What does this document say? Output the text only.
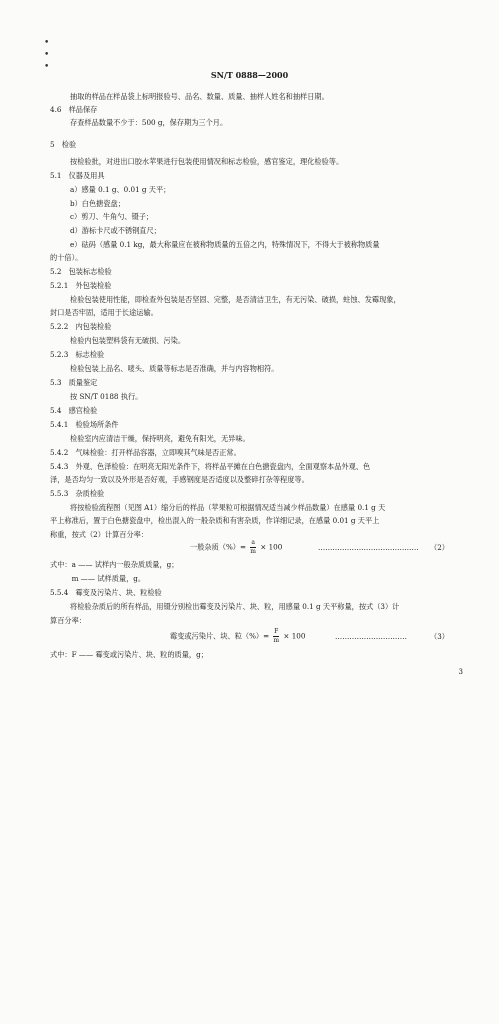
SN/T 0888—2000
•
•
•
抽取的样品在样品袋上标明报验号、品名、数量、质量、抽样人姓名和抽样日期。
4.6　样品保存
存查样品数量不少于：500 g，保存期为三个月。
5　检验
按检验批，对进出口胶水苹果进行包装使用情况和标志检验，感官鉴定，理化检验等。
5.1　仪器及用具
a）感量 0.1 g、0.01 g 天平；
b）白色搪瓷盘；
c）剪刀、牛角勺、镊子；
d）游标卡尺或不锈钢直尺；
e）砝码（感量 0.1 kg，最大称量应在被称物质量的五倍之内，特殊情况下，不得大于被称物质量
的十倍）。
5.2　包装标志检验
5.2.1　外包装检验
检验包装使用性能，即检查外包装是否坚固、完整，是否清洁卫生，有无污染、破损，蛀蚀、发霉现象，
封口是否牢固，适用于长途运输。
5.2.2　内包装检验
检验内包装塑料袋有无破损、污染。
5.2.3　标志检验
检验包装上品名、唛头、质量等标志是否准确，并与内容物相符。
5.3　质量鉴定
按 SN/T 0188 执行。
5.4　感官检验
5.4.1　检验场所条件
检验室内应清洁干燥，保持明亮，避免有阳光，无异味。
5.4.2　气味检验：打开样品容器，立即嗅其气味是否正常。
5.4.3　外观、色泽检验：在明亮无阳光条件下，将样品平摊在白色搪瓷盘内，全面观察本品外观、色
泽，是否均匀一致以及外形是否好观，手感钢度是否适度以及整碎打杂等程度等。
5.5.3　杂质检验
将按检验流程图（见图 A1）缩分后的样品（苹果粒可根据情况适当减少样品数量）在感量 0.1 g 天
平上称准后，置于白色搪瓷盘中，检出混入的一般杂质和有害杂质，作详细记录，在感量 0.01 g 天平上
称重，按式（2）计算百分率：
一般杂质（%）= $\frac{a}{m} \times 100$	…………………………………… （2）
式中：a —— 试样内一般杂质质量，g；
　　　m —— 试样质量，g。
5.5.4　霉变及污染片、块、粒检验
将检验杂质后的所有样品，用镊分别检出霉变及污染片、块、粒，用感量 0.1 g 天平称量，按式（3）计
算百分率：
霉变或污染片、块、粒（%）= $\frac{F}{m} \times 100$	…………………………	（3）
式中：F —— 霉变或污染片、块、粒的质量，g；
3
